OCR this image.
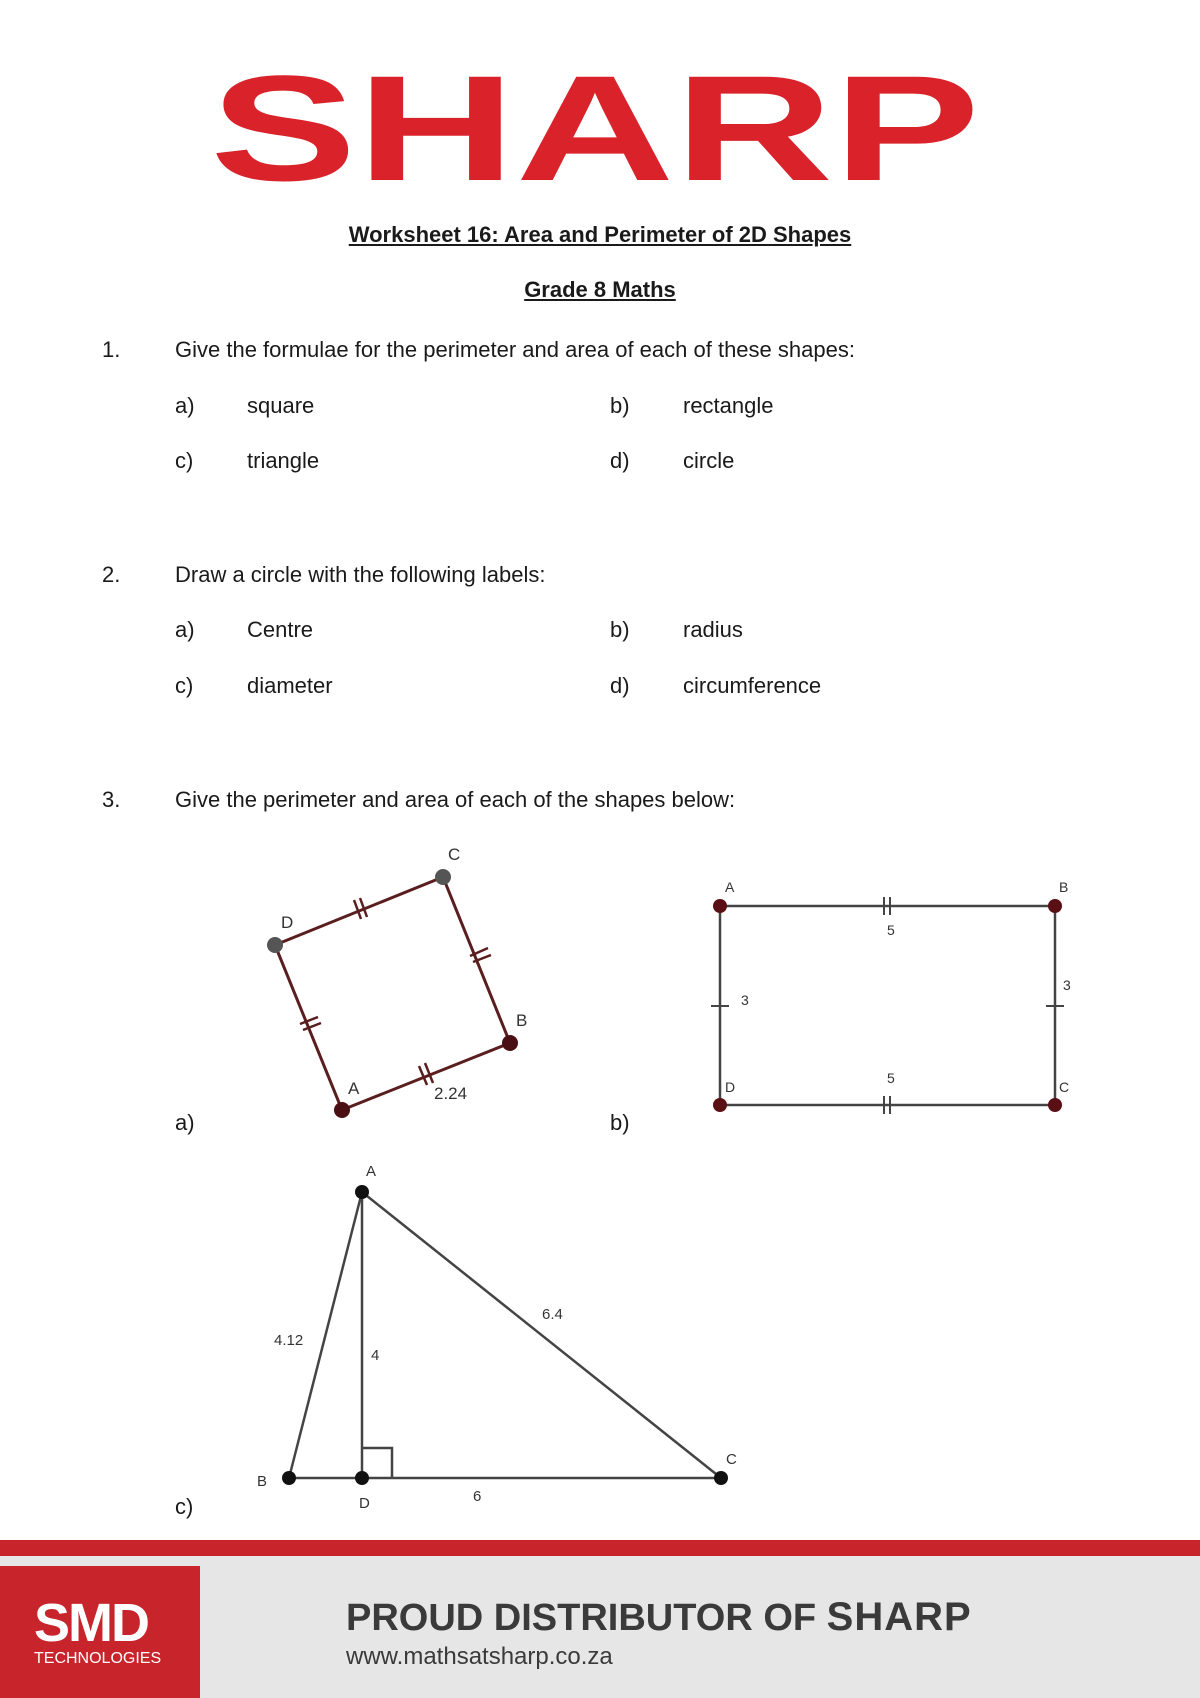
SHARP
Worksheet 16: Area and Perimeter of 2D Shapes
Grade 8 Maths
1. Give the formulae for the perimeter and area of each of these shapes:
a) square	b) rectangle
c) triangle	d) circle
2. Draw a circle with the following labels:
a) Centre	b) radius
c) diameter	d) circumference
3. Give the perimeter and area of each of the shapes below:
A
B
C
D
2.24
A	B
C
D
5
5
3
3
A
B
C
D
4.12
4
6.4
6
a)	b)
c)
SMD
TECHNOLOGIES
PROUD DISTRIBUTOR OF SHARP
www.mathsatsharp.co.za
